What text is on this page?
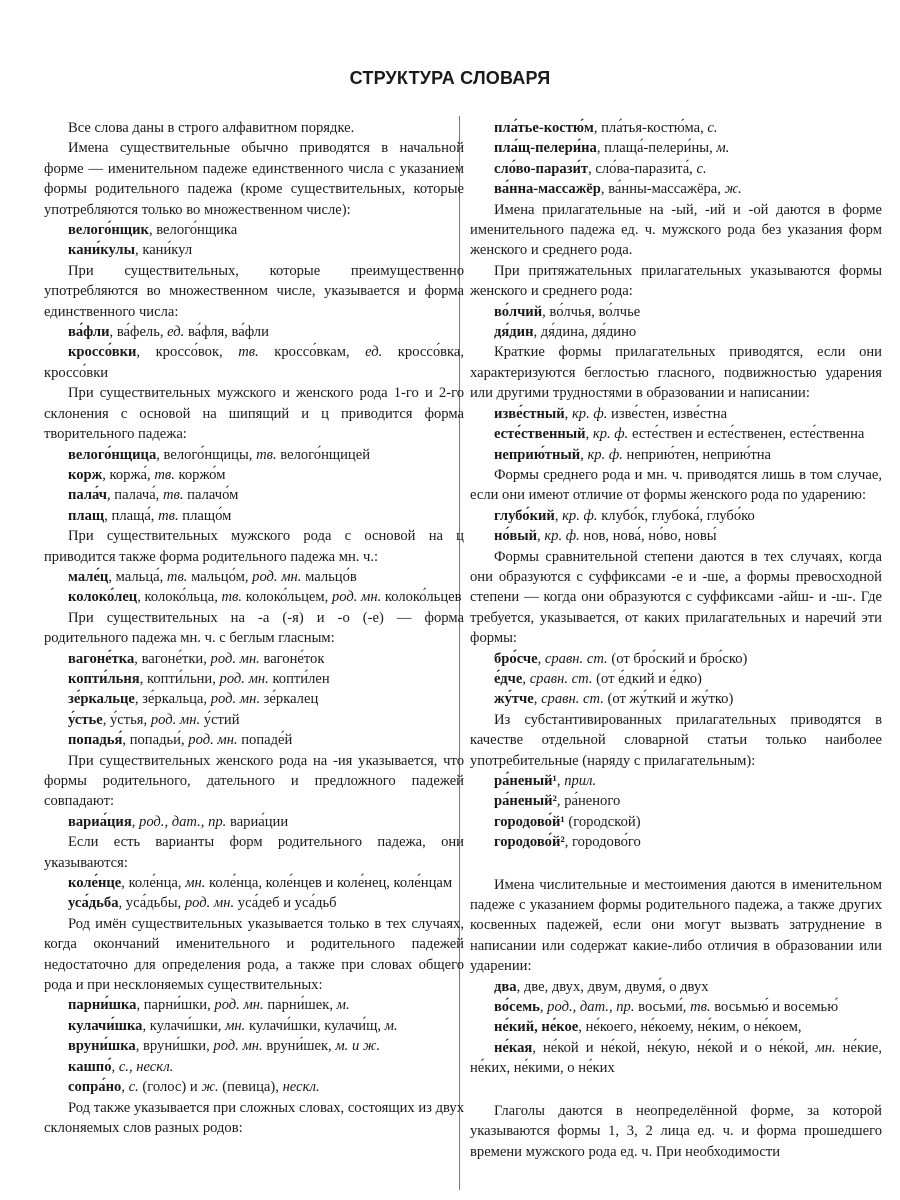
СТРУКТУРА СЛОВАРЯ

Все слова даны в строго алфавитном порядке.

Имена существительные обычно приводятся в начальной форме — именительном падеже единственного числа с указанием формы родительного падежа (кроме существительных, которые употребляются только во множественном числе):

велого́нщик, велого́нщика

кани́кулы, кани́кул

При существительных, которые преимущественно употребляются во множественном числе, указывается и форма единственного числа:

ва́фли, ва́фель, ед. ва́фля, ва́фли

кроссо́вки, кроссо́вок, тв. кроссо́вкам, ед. кроссо́вка, кроссо́вки

При существительных мужского и женского рода 1-го и 2-го склонения с основой на шипящий и ц приводится форма творительного падежа:

велого́нщица, велого́нщицы, тв. велого́нщицей

корж, коржа́, тв. коржо́м

пала́ч, палача́, тв. палачо́м

плащ, плаща́, тв. плащо́м

При существительных мужского рода с основой на ц приводится также форма родительного падежа мн. ч.:

мале́ц, мальца́, тв. мальцо́м, род. мн. мальцо́в

колоко́лец, колоко́льца, тв. колоко́льцем, род. мн. колоко́льцев

При существительных на -а (-я) и -о (-е) — форма родительного падежа мн. ч. с беглым гласным:

вагоне́тка, вагоне́тки, род. мн. вагоне́ток

копти́льня, копти́льни, род. мн. копти́лен

зе́ркальце, зе́ркальца, род. мн. зе́ркалец

у́стье, у́стья, род. мн. у́стий

попадья́, попадьи́, род. мн. попаде́й

При существительных женского рода на -ия указывается, что формы родительного, дательного и предложного падежей совпадают:

вариа́ция, род., дат., пр. вариа́ции

Если есть варианты форм родительного падежа, они указываются:

коле́нце, коле́нца, мн. коле́нца, коле́нцев и коле́нец, коле́нцам

уса́дьба, уса́дьбы, род. мн. уса́деб и уса́дьб

Род имён существительных указывается только в тех случаях, когда окончаний именительного и родительного падежей недостаточно для определения рода, а также при словах общего рода и при несклоняемых существительных:

парни́шка, парни́шки, род. мн. парни́шек, м.

кулачи́шка, кулачи́шки, мн. кулачи́шки, кулачи́щ, м.

вруни́шка, вруни́шки, род. мн. вруни́шек, м. и ж.

кашпо́, с., нескл.

сопра́но, с. (голос) и ж. (певица), нескл.

Род также указывается при сложных словах, состоящих из двух склоняемых слов разных родов:

пла́тье-костю́м, пла́тья-костю́ма, с.

пла́щ-пелери́на, плаща́-пелери́ны, м.

сло́во-парази́т, сло́ва-паразита́, с.

ва́нна-массажёр, ва́нны-массажёра, ж.

Имена прилагательные на -ый, -ий и -ой даются в форме именительного падежа ед. ч. мужского рода без указания форм женского и среднего рода.

При притяжательных прилагательных указываются формы женского и среднего рода:

во́лчий, во́лчья, во́лчье

дя́дин, дя́дина, дя́дино

Краткие формы прилагательных приводятся, если они характеризуются беглостью гласного, подвижностью ударения или другими трудностями в образовании и написании:

изве́стный, кр. ф. изве́стен, изве́стна

есте́ственный, кр. ф. есте́ствен и есте́ственен, есте́ственна

неприю́тный, кр. ф. неприю́тен, неприю́тна

Формы среднего рода и мн. ч. приводятся лишь в том случае, если они имеют отличие от формы женского рода по ударению:

глубо́кий, кр. ф. клубо́к, глубока́, глубо́ко

но́вый, кр. ф. нов, нова́, но́во, новы́

Формы сравнительной степени даются в тех случаях, когда они образуются с суффиксами -е и -ше, а формы превосходной степени — когда они образуются с суффиксами -айш- и -ш-. Где требуется, указывается, от каких прилагательных и наречий эти формы:

бро́сче, сравн. ст. (от бро́ский и бро́ско)

е́дче, сравн. ст. (от е́дкий и е́дко)

жу́тче, сравн. ст. (от жу́ткий и жу́тко)

Из субстантивированных прилагательных приводятся в качестве отдельной словарной статьи только наиболее употребительные (наряду с прилагательным):

ра́неный¹, прил.

ра́неный², ра́неного

городово́й¹ (городской)

городово́й², городово́го

Имена числительные и местоимения даются в именительном падеже с указанием формы родительного падежа, а также других косвенных падежей, если они могут вызвать затруднение в написании или содержат какие-либо отличия в образовании или ударении:

два, две, двух, двум, двумя́, о двух

во́семь, род., дат., пр. восьми́, тв. восьмью́ и восемью́

не́кий, не́кое, не́коего, не́коему, не́ким, о не́коем,

не́кая, не́кой и не́кой, не́кую, не́кой и о не́кой, мн. не́кие, не́ких, не́кими, о не́ких

Глаголы даются в неопределённой форме, за которой указываются формы 1, 3, 2 лица ед. ч. и форма прошедшего времени мужского рода ед. ч. При необходимости
